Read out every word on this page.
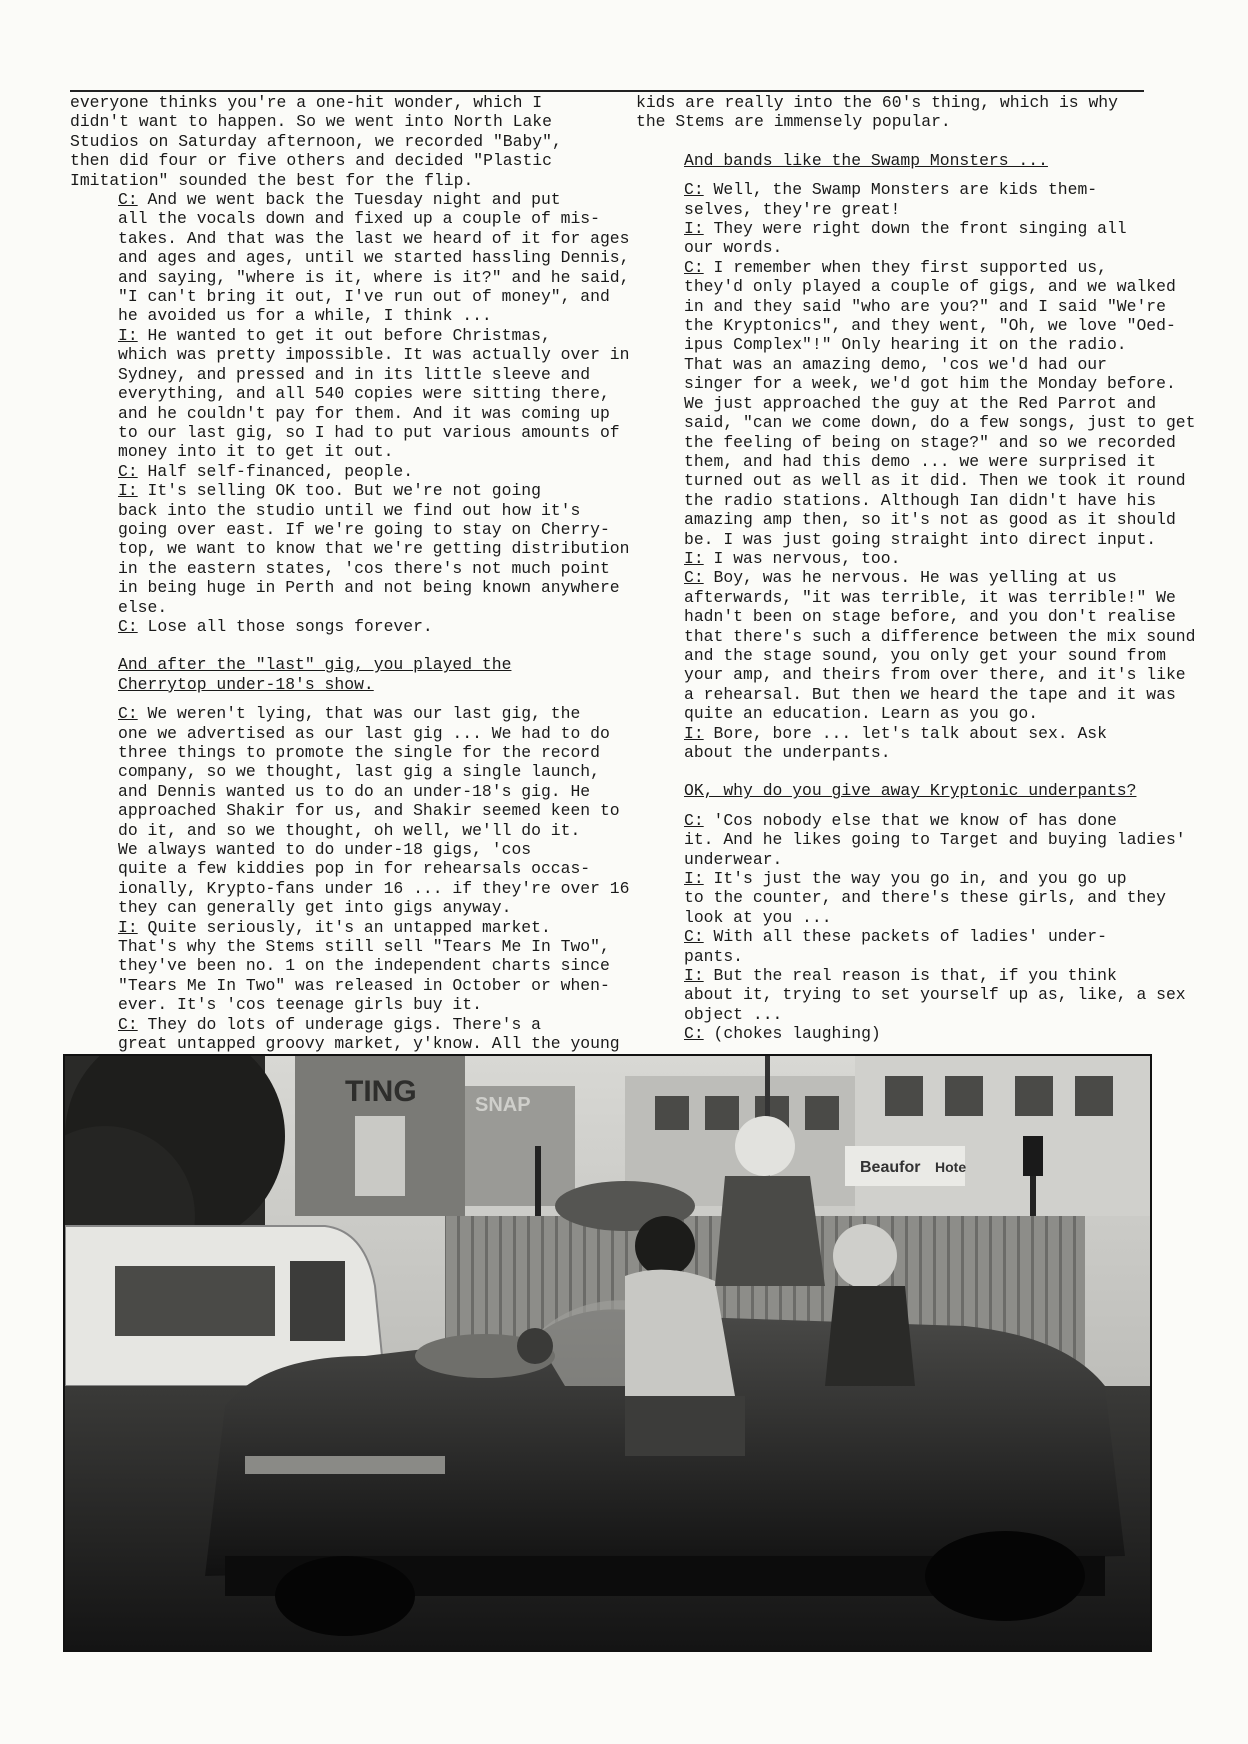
everyone thinks you're a one-hit wonder, which I
didn't want to happen. So we went into North Lake
Studios on Saturday afternoon, we recorded "Baby",
then did four or five others and decided "Plastic
Imitation" sounded the best for the flip.
C: And we went back the Tuesday night and put
all the vocals down and fixed up a couple of mis-
takes. And that was the last we heard of it for ages
and ages and ages, until we started hassling Dennis,
and saying, "where is it, where is it?" and he said,
"I can't bring it out, I've run out of money", and
he avoided us for a while, I think ...
I: He wanted to get it out before Christmas,
which was pretty impossible. It was actually over in
Sydney, and pressed and in its little sleeve and
everything, and all 540 copies were sitting there,
and he couldn't pay for them. And it was coming up
to our last gig, so I had to put various amounts of
money into it to get it out.
C: Half self-financed, people.
I: It's selling OK too. But we're not going
back into the studio until we find out how it's
going over east. If we're going to stay on Cherry-
top, we want to know that we're getting distribution
in the eastern states, 'cos there's not much point
in being huge in Perth and not being known anywhere
else.
C: Lose all those songs forever.
And after the "last" gig, you played the
Cherrytop under-18's show.
C: We weren't lying, that was our last gig, the
one we advertised as our last gig ... We had to do
three things to promote the single for the record
company, so we thought, last gig a single launch,
and Dennis wanted us to do an under-18's gig. He
approached Shakir for us, and Shakir seemed keen to
do it, and so we thought, oh well, we'll do it.
We always wanted to do under-18 gigs, 'cos
quite a few kiddies pop in for rehearsals occas-
ionally, Krypto-fans under 16 ... if they're over 16
they can generally get into gigs anyway.
I: Quite seriously, it's an untapped market.
That's why the Stems still sell "Tears Me In Two",
they've been no. 1 on the independent charts since
"Tears Me In Two" was released in October or when-
ever. It's 'cos teenage girls buy it.
C: They do lots of underage gigs. There's a
great untapped groovy market, y'know. All the young
kids are really into the 60's thing, which is why
the Stems are immensely popular.
And bands like the Swamp Monsters ...
C: Well, the Swamp Monsters are kids them-
selves, they're great!
I: They were right down the front singing all
our words.
C: I remember when they first supported us,
they'd only played a couple of gigs, and we walked
in and they said "who are you?" and I said "We're
the Kryptonics", and they went, "Oh, we love "Oed-
ipus Complex"!" Only hearing it on the radio.
That was an amazing demo, 'cos we'd had our
singer for a week, we'd got him the Monday before.
We just approached the guy at the Red Parrot and
said, "can we come down, do a few songs, just to get
the feeling of being on stage?" and so we recorded
them, and had this demo ... we were surprised it
turned out as well as it did. Then we took it round
the radio stations. Although Ian didn't have his
amazing amp then, so it's not as good as it should
be. I was just going straight into direct input.
I: I was nervous, too.
C: Boy, was he nervous. He was yelling at us
afterwards, "it was terrible, it was terrible!" We
hadn't been on stage before, and you don't realise
that there's such a difference between the mix sound
and the stage sound, you only get your sound from
your amp, and theirs from over there, and it's like
a rehearsal. But then we heard the tape and it was
quite an education. Learn as you go.
I: Bore, bore ... let's talk about sex. Ask
about the underpants.
OK, why do you give away Kryptonic underpants?
C: 'Cos nobody else that we know of has done
it. And he likes going to Target and buying ladies'
underwear.
I: It's just the way you go in, and you go up
to the counter, and there's these girls, and they
look at you ...
C: With all these packets of ladies' under-
pants.
I: But the real reason is that, if you think
about it, trying to set yourself up as, like, a sex
object ...
C: (chokes laughing)
TING	SNAP
Beaufor Hote
